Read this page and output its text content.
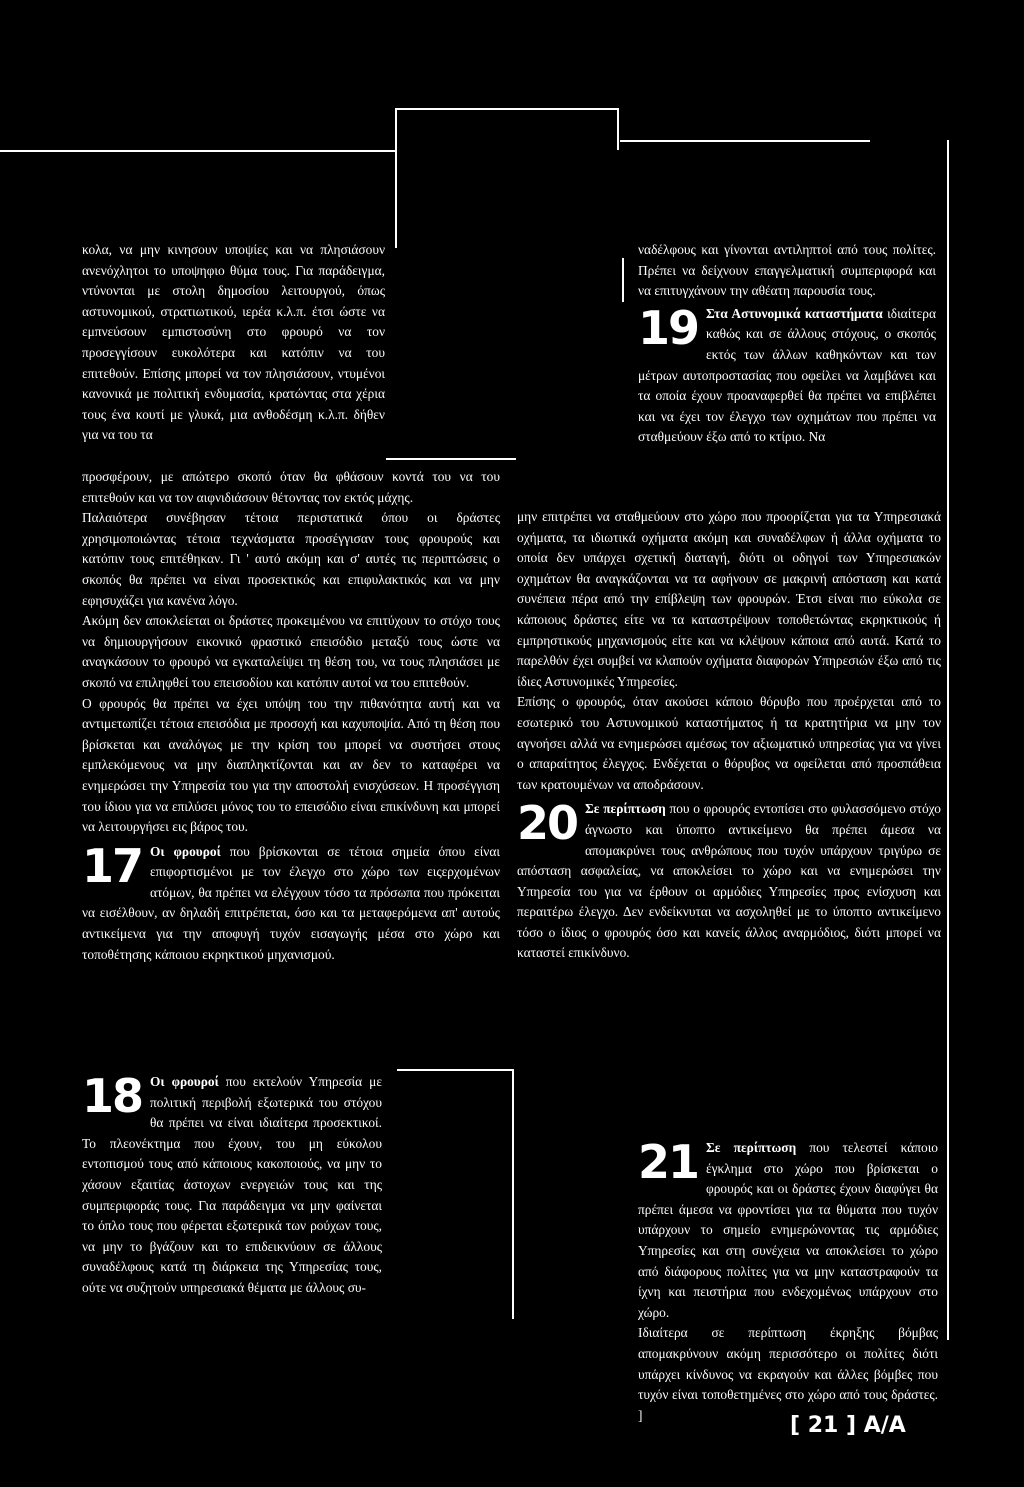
κολα, να μην κινησουν υποψίες και να πλησιάσουν ανενόχλητοι το υποψηφιο θύμα τους. Για παράδειγμα, ντύνονται με στολη δημοσίου λειτουργού, όπως αστυνομικού, στρατιωτικού, ιερέα κ.λ.π. έτσι ώστε να εμπνεύσουν εμπιστοσύνη στο φρουρό να τον προσεγγίσουν ευκολότερα και κατόπιν να του επιτεθούν. Επίσης μπορεί να τον πλησιάσουν, ντυμένοι κανονικά με πολιτική ενδυμασία, κρατώντας στα χέρια τους ένα κουτί με γλυκά, μια ανθοδέσμη κ.λ.π. δήθεν για να του τα

προσφέρουν, με απώτερο σκοπό όταν θα φθάσουν κοντά του να του επιτεθούν και να τον αιφνιδιάσουν θέτοντας τον εκτός μάχης.

Παλαιότερα συνέβησαν τέτοια περιστατικά όπου οι δράστες χρησιμοποιώντας τέτοια τεχνάσματα προσέγγισαν τους φρουρούς και κατόπιν τους επιτέθηκαν. Γι ' αυτό ακόμη και σ' αυτές τις περιπτώσεις ο σκοπός θα πρέπει να είναι προσεκτικός και επιφυλακτικός και να μην εφησυχάζει για κανένα λόγο.

Ακόμη δεν αποκλείεται οι δράστες προκειμένου να επιτύχουν το στόχο τους να δημιουργήσουν εικονικό φραστικό επεισόδιο μεταξύ τους ώστε να αναγκάσουν το φρουρό να εγκαταλείψει τη θέση του, να τους πλησιάσει με σκοπό να επιληφθεί του επεισοδίου και κατόπιν αυτοί να του επιτεθούν.

Ο φρουρός θα πρέπει να έχει υπόψη του την πιθανότητα αυτή και να αντιμετωπίζει τέτοια επεισόδια με προσοχή και καχυποψία. Από τη θέση που βρίσκεται και αναλόγως με την κρίση του μπορεί να συστήσει στους εμπλεκόμενους να μην διαπληκτίζονται και αν δεν το καταφέρει να ενημερώσει την Υπηρεσία του για την αποστολή ενισχύσεων. Η προσέγγιση του ίδιου για να επιλύσει μόνος του το επεισόδιο είναι επικίνδυνη και μπορεί να λειτουργήσει εις βάρος του.

17 Οι φρουροί που βρίσκονται σε τέτοια σημεία όπου είναι επιφορτισμένοι με τον έλεγχο στο χώρο των ειςερχομένων ατόμων, θα πρέπει να ελέγχουν τόσο τα πρόσωπα που πρόκειται να εισέλθουν, αν δηλαδή επιτρέπεται, όσο και τα μεταφερόμενα απ' αυτούς αντικείμενα για την αποφυγή τυχόν εισαγωγής μέσα στο χώρο και τοποθέτησης κάποιου εκρηκτικού μηχανισμού.

18 Οι φρουροί που εκτελούν Υπηρεσία με πολιτική περιβολή εξωτερικά του στόχου θα πρέπει να είναι ιδιαίτερα προσεκτικοί. Το πλεονέκτημα που έχουν, του μη εύκολου εντοπισμού τους από κάποιους κακοποιούς, να μην το χάσουν εξαιτίας άστοχων ενεργειών τους και της συμπεριφοράς τους. Για παράδειγμα να μην φαίνεται το όπλο τους που φέρεται εξωτερικά των ρούχων τους, να μην το βγάζουν και το επιδεικνύουν σε άλλους συναδέλφους κατά τη διάρκεια της Υπηρεσίας τους, ούτε να συζητούν υπηρεσιακά θέματα με άλλους συ-

ναδέλφους και γίνονται αντιληπτοί από τους πολίτες. Πρέπει να δείχνουν επαγγελματική συμπεριφορά και να επιτυγχάνουν την αθέατη παρουσία τους.

19 Στα Αστυνομικά καταστήματα ιδιαίτερα καθώς και σε άλλους στόχους, ο σκοπός εκτός των άλλων καθηκόντων και των μέτρων αυτοπροστασίας που οφείλει να λαμβάνει και τα οποία έχουν προαναφερθεί θα πρέπει να επιβλέπει και να έχει τον έλεγχο των οχημάτων που πρέπει να σταθμεύουν έξω από το κτίριο. Να

μην επιτρέπει να σταθμεύουν στο χώρο που προορίζεται για τα Υπηρεσιακά οχήματα, τα ιδιωτικά οχήματα ακόμη και συναδέλφων ή άλλα οχήματα το οποία δεν υπάρχει σχετική διαταγή, διότι οι οδηγοί των Υπηρεσιακών οχημάτων θα αναγκάζονται να τα αφήνουν σε μακρινή απόσταση και κατά συνέπεια πέρα από την επίβλεψη των φρουρών. Έτσι είναι πιο εύκολα σε κάποιους δράστες είτε να τα καταστρέψουν τοποθετώντας εκρηκτικούς ή εμπρηστικούς μηχανισμούς είτε και να κλέψουν κάποια από αυτά. Κατά το παρελθόν έχει συμβεί να κλαπούν οχήματα διαφορών Υπηρεσιών έξω από τις ίδιες Αστυνομικές Υπηρεσίες.

Επίσης ο φρουρός, όταν ακούσει κάποιο θόρυβο που προέρχεται από το εσωτερικό του Αστυνομικού καταστήματος ή τα κρατητήρια να μην τον αγνοήσει αλλά να ενημερώσει αμέσως τον αξιωματικό υπηρεσίας για να γίνει ο απαραίτητος έλεγχος. Ενδέχεται ο θόρυβος να οφείλεται από προσπάθεια των κρατουμένων να αποδράσουν.

20 Σε περίπτωση που ο φρουρός εντοπίσει στο φυλασσόμενο στόχο άγνωστο και ύποπτο αντικείμενο θα πρέπει άμεσα να απομακρύνει τους ανθρώπους που τυχόν υπάρχουν τριγύρω σε απόσταση ασφαλείας, να αποκλείσει το χώρο και να ενημερώσει την Υπηρεσία του για να έρθουν οι αρμόδιες Υπηρεσίες προς ενίσχυση και περαιτέρω έλεγχο. Δεν ενδείκνυται να ασχοληθεί με το ύποπτο αντικείμενο τόσο ο ίδιος ο φρουρός όσο και κανείς άλλος αναρμόδιος, διότι μπορεί να καταστεί επικίνδυνο.

21 Σε περίπτωση που τελεστεί κάποιο έγκλημα στο χώρο που βρίσκεται ο φρουρός και οι δράστες έχουν διαφύγει θα πρέπει άμεσα να φροντίσει για τα θύματα που τυχόν υπάρχουν το σημείο ενημερώνοντας τις αρμόδιες Υπηρεσίες και στη συνέχεια να αποκλείσει το χώρο από διάφορους πολίτες για να μην καταστραφούν τα ίχνη και πειστήρια που ενδεχομένως υπάρχουν στο χώρο.

Ιδιαίτερα σε περίπτωση έκρηξης βόμβας απομακρύνουν ακόμη περισσότερο οι πολίτες διότι υπάρχει κίνδυνος να εκραγούν και άλλες βόμβες που τυχόν είναι τοποθετημένες στο χώρο από τους δράστες. ]	[ 21 ] A/A
